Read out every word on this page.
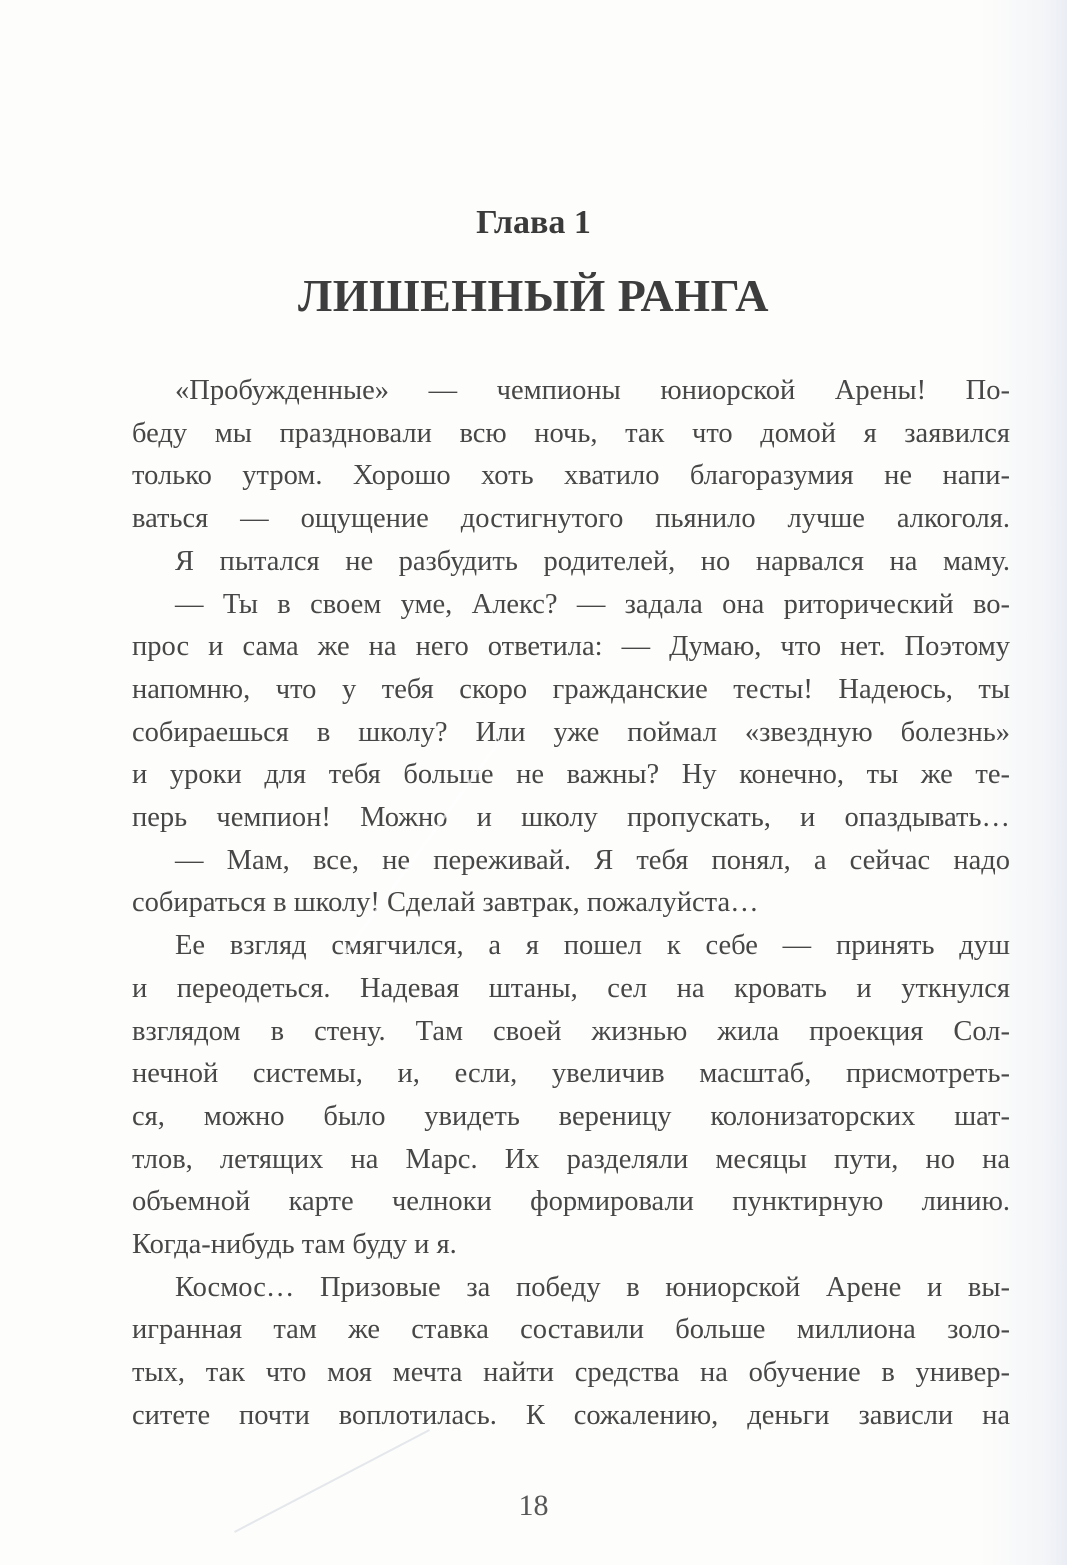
Глава 1
ЛИШЕННЫЙ РАНГА
«Пробужденные» — чемпионы юниорской Арены! По-
беду мы праздновали всю ночь, так что домой я заявился
только утром. Хорошо хоть хватило благоразумия не напи-
ваться — ощущение достигнутого пьянило лучше алкоголя.
Я пытался не разбудить родителей, но нарвался на маму.
— Ты в своем уме, Алекс? — задала она риторический во-
прос и сама же на него ответила: — Думаю, что нет. Поэтому
напомню, что у тебя скоро гражданские тесты! Надеюсь, ты
собираешься в школу? Или уже поймал «звездную болезнь»
и уроки для тебя больше не важны? Ну конечно, ты же те-
перь чемпион! Можно и школу пропускать, и опаздывать…
— Мам, все, не переживай. Я тебя понял, а сейчас надо
собираться в школу! Сделай завтрак, пожалуйста…
Ее взгляд смягчился, а я пошел к себе — принять душ
и переодеться. Надевая штаны, сел на кровать и уткнулся
взглядом в стену. Там своей жизнью жила проекция Сол-
нечной системы, и, если, увеличив масштаб, присмотреть-
ся, можно было увидеть вереницу колонизаторских шат-
тлов, летящих на Марс. Их разделяли месяцы пути, но на
объемной карте челноки формировали пунктирную линию.
Когда-нибудь там буду и я.
Космос… Призовые за победу в юниорской Арене и вы-
игранная там же ставка составили больше миллиона золо-
тых, так что моя мечта найти средства на обучение в универ-
ситете почти воплотилась. К сожалению, деньги зависли на
18
